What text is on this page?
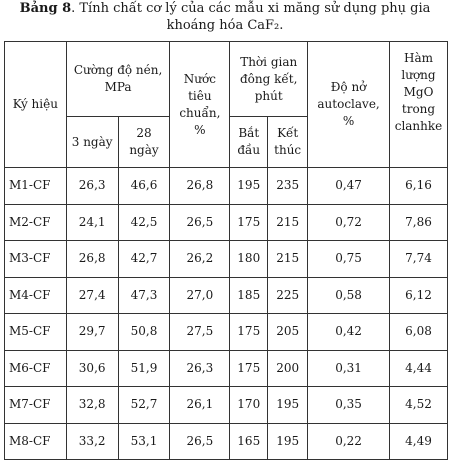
Bảng 8. Tính chất cơ lý của các mẫu xi măng sử dụng phụ gia khoáng hóa CaF₂.
Ký hiệu	Cường độ nén, MPa		Nước tiêu chuẩn, %	Thời gian đông kết, phút		Độ nở autoclave, %	Hàm lượng MgO trong clanhke
	3 ngày	28 ngày		Bắt đầu	Kết thúc		
M1-CF	26,3	46,6	26,8	195	235	0,47	6,16
M2-CF	24,1	42,5	26,5	175	215	0,72	7,86
M3-CF	26,8	42,7	26,2	180	215	0,75	7,74
M4-CF	27,4	47,3	27,0	185	225	0,58	6,12
M5-CF	29,7	50,8	27,5	175	205	0,42	6,08
M6-CF	30,6	51,9	26,3	175	200	0,31	4,44
M7-CF	32,8	52,7	26,1	170	195	0,35	4,52
M8-CF	33,2	53,1	26,5	165	195	0,22	4,49
